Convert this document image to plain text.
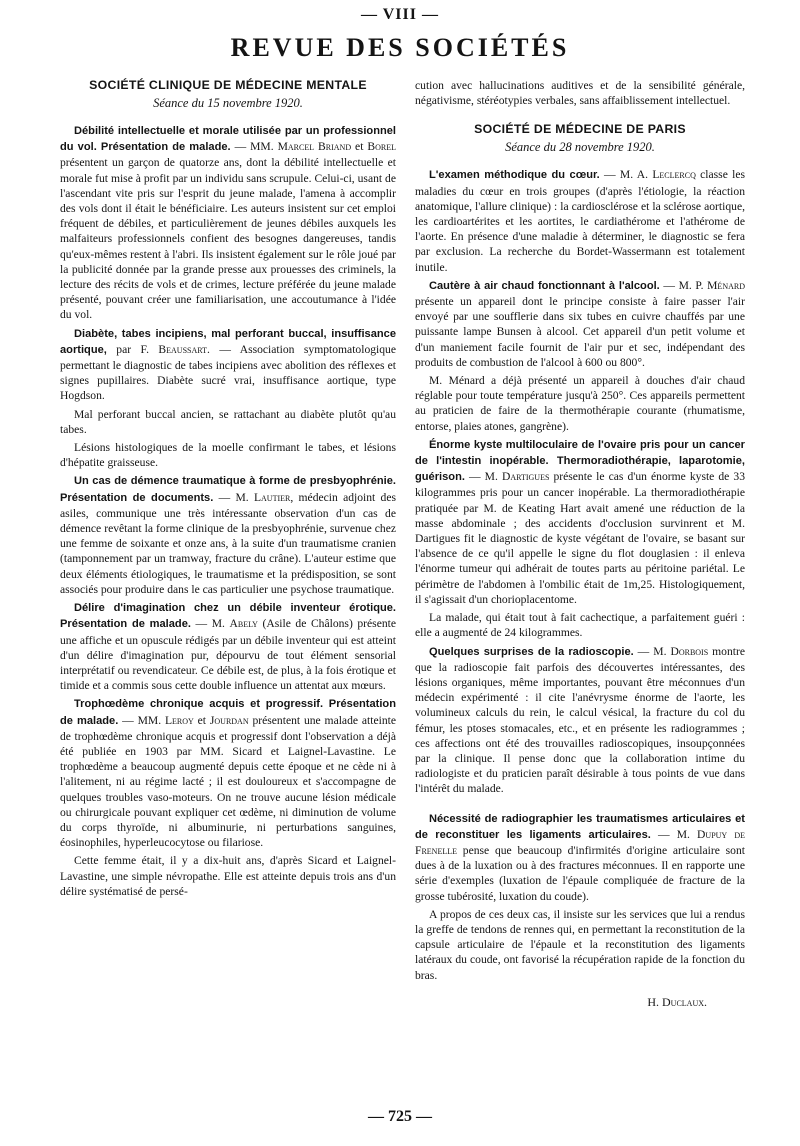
— VIII —
REVUE DES SOCIÉTÉS

SOCIÉTÉ CLINIQUE DE MÉDECINE MENTALE

Séance du 15 novembre 1920.

Débilité intellectuelle et morale utilisée par un professionnel du vol. Présentation de malade. — MM. Marcel Briand et Borel présentent un garçon de quatorze ans, dont la débilité intellectuelle et morale fut mise à profit par un individu sans scrupule. Celui-ci, usant de l'ascendant vite pris sur l'esprit du jeune malade, l'amena à accomplir des vols dont il était le bénéficiaire. Les auteurs insistent sur cet emploi fréquent de débiles, et particulièrement de jeunes débiles auxquels les malfaiteurs professionnels confient des besognes dangereuses, tandis qu'eux-mêmes restent à l'abri. Ils insistent également sur le rôle joué par la publicité donnée par la grande presse aux prouesses des criminels, la lecture des récits de vols et de crimes, lecture préférée du jeune malade présenté, pouvant créer une familiarisation, une accoutumance à l'idée du vol.

Diabète, tabes incipiens, mal perforant buccal, insuffisance aortique, par F. Beaussart. — Association symptomatologique permettant le diagnostic de tabes incipiens avec abolition des réflexes et signes pupillaires. Diabète sucré vrai, insuffisance aortique, type Hogdson.

Mal perforant buccal ancien, se rattachant au diabète plutôt qu'au tabes.

Lésions histologiques de la moelle confirmant le tabes, et lésions d'hépatite graisseuse.

Un cas de démence traumatique à forme de presbyophrénie. Présentation de documents. — M. Lautier, médecin adjoint des asiles, communique une très intéressante observation d'un cas de démence revêtant la forme clinique de la presbyophrénie, survenue chez une femme de soixante et onze ans, à la suite d'un traumatisme cranien (tamponnement par un tramway, fracture du crâne). L'auteur estime que deux éléments étiologiques, le traumatisme et la prédisposition, se sont associés pour produire dans le cas particulier une psychose traumatique.

Délire d'imagination chez un débile inventeur érotique. Présentation de malade. — M. Abely (Asile de Châlons) présente une affiche et un opuscule rédigés par un débile inventeur qui est atteint d'un délire d'imagination pur, dépourvu de tout élément sensorial interprétatif ou revendicateur. Ce débile est, de plus, à la fois érotique et timide et a commis sous cette double influence un attentat aux mœurs.

Trophœdème chronique acquis et progressif. Présentation de malade. — MM. Leroy et Jourdan présentent une malade atteinte de trophœdème chronique acquis et progressif dont l'observation a déjà été publiée en 1903 par MM. Sicard et Laignel-Lavastine. Le trophœdème a beaucoup augmenté depuis cette époque et ne cède ni à l'alitement, ni au régime lacté ; il est douloureux et s'accompagne de quelques troubles vaso-moteurs. On ne trouve aucune lésion médicale ou chirurgicale pouvant expliquer cet œdème, ni diminution de volume du corps thyroïde, ni albuminurie, ni perturbations sanguines, éosinophiles, hyperleucocytose ou filariose.

Cette femme était, il y a dix-huit ans, d'après Sicard et Laignel-Lavastine, une simple névropathe. Elle est atteinte depuis trois ans d'un délire systématisé de persé-

cution avec hallucinations auditives et de la sensibilité générale, négativisme, stéréotypies verbales, sans affaiblissement intellectuel.

SOCIÉTÉ DE MÉDECINE DE PARIS

Séance du 28 novembre 1920.

L'examen méthodique du cœur. — M. A. Leclercq classe les maladies du cœur en trois groupes (d'après l'étiologie, la réaction anatomique, l'allure clinique) : la cardiosclérose et la sclérose aortique, les cardioartérites et les aortites, le cardiathérome et l'athérome de l'aorte. En présence d'une maladie à déterminer, le diagnostic se fera par exclusion. La recherche du Bordet-Wassermann est totalement inutile.

Cautère à air chaud fonctionnant à l'alcool. — M. P. Ménard présente un appareil dont le principe consiste à faire passer l'air envoyé par une soufflerie dans six tubes en cuivre chauffés par une puissante lampe Bunsen à alcool. Cet appareil d'un petit volume et d'un maniement facile fournit de l'air pur et sec, indépendant des produits de combustion de l'alcool à 600 ou 800°.

M. Ménard a déjà présenté un appareil à douches d'air chaud réglable pour toute température jusqu'à 250°. Ces appareils permettent au praticien de faire de la thermothérapie courante (rhumatisme, entorse, plaies atones, gangrène).

Énorme kyste multiloculaire de l'ovaire pris pour un cancer de l'intestin inopérable. Thermoradiothérapie, laparotomie, guérison. — M. Dartigues présente le cas d'un énorme kyste de 33 kilogrammes pris pour un cancer inopérable. La thermoradiothérapie pratiquée par M. de Keating Hart avait amené une réduction de la masse abdominale ; des accidents d'occlusion survinrent et M. Dartigues fit le diagnostic de kyste végétant de l'ovaire, se basant sur l'absence de ce qu'il appelle le signe du flot douglasien : il enleva l'énorme tumeur qui adhérait de toutes parts au péritoine pariétal. Le périmètre de l'abdomen à l'ombilic était de 1m,25. Histologiquement, il s'agissait d'un chorioplacentome.

La malade, qui était tout à fait cachectique, a parfaitement guéri : elle a augmenté de 24 kilogrammes.

Quelques surprises de la radioscopie. — M. Dorbois montre que la radioscopie fait parfois des découvertes intéressantes, des lésions organiques, même importantes, pouvant être méconnues d'un médecin expérimenté : il cite l'anévrysme énorme de l'aorte, les volumineux calculs du rein, le calcul vésical, la fracture du col du fémur, les ptoses stomacales, etc., et en présente les radiogrammes ; ces affections ont été des trouvailles radioscopiques, insoupçonnées par la clinique. Il pense donc que la collaboration intime du radiologiste et du praticien paraît désirable à tous points de vue dans l'intérêt du malade.

Nécessité de radiographier les traumatismes articulaires et de reconstituer les ligaments articulaires. — M. Dupuy de Frenelle pense que beaucoup d'infirmités d'origine articulaire sont dues à de la luxation ou à des fractures méconnues. Il en rapporte une série d'exemples (luxation de l'épaule compliquée de fracture de la grosse tubérosité, luxation du coude).

A propos de ces deux cas, il insiste sur les services que lui a rendus la greffe de tendons de rennes qui, en permettant la reconstitution de la capsule articulaire de l'épaule et la reconstitution des ligaments latéraux du coude, ont favorisé la récupération rapide de la fonction du bras.

H. Duclaux.

— 725 —
